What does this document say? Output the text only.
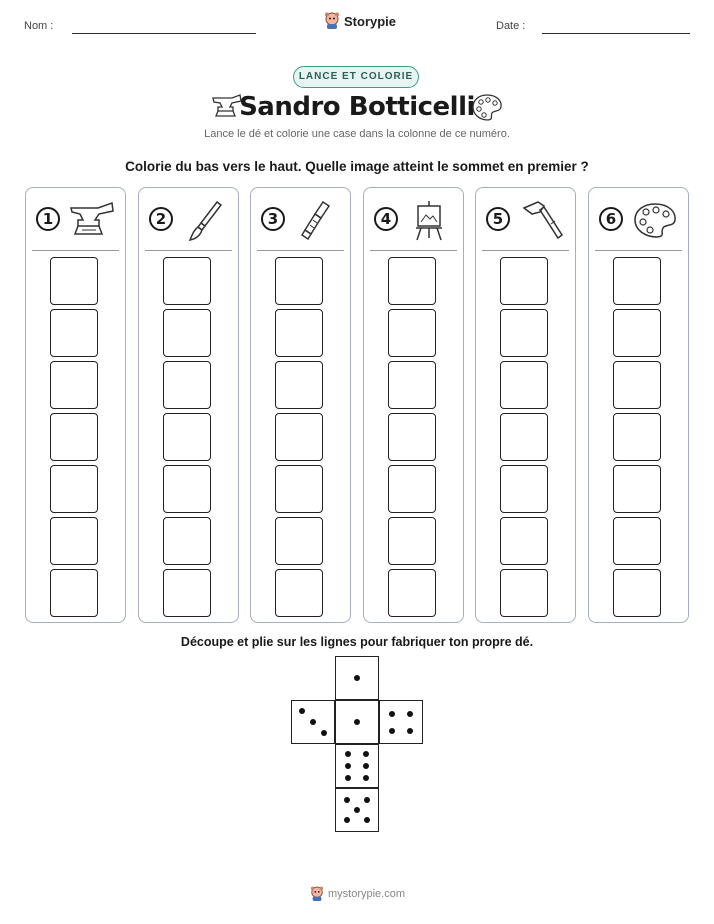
Nom :	Storypie	Date :
LANCE ET COLORIE
Sandro Botticelli
Lance le dé et colorie une case dans la colonne de ce numéro.
Colorie du bas vers le haut. Quelle image atteint le sommet en premier ?
1	2	3	4	5	6
Découpe et plie sur les lignes pour fabriquer ton propre dé.
mystorypie.com
